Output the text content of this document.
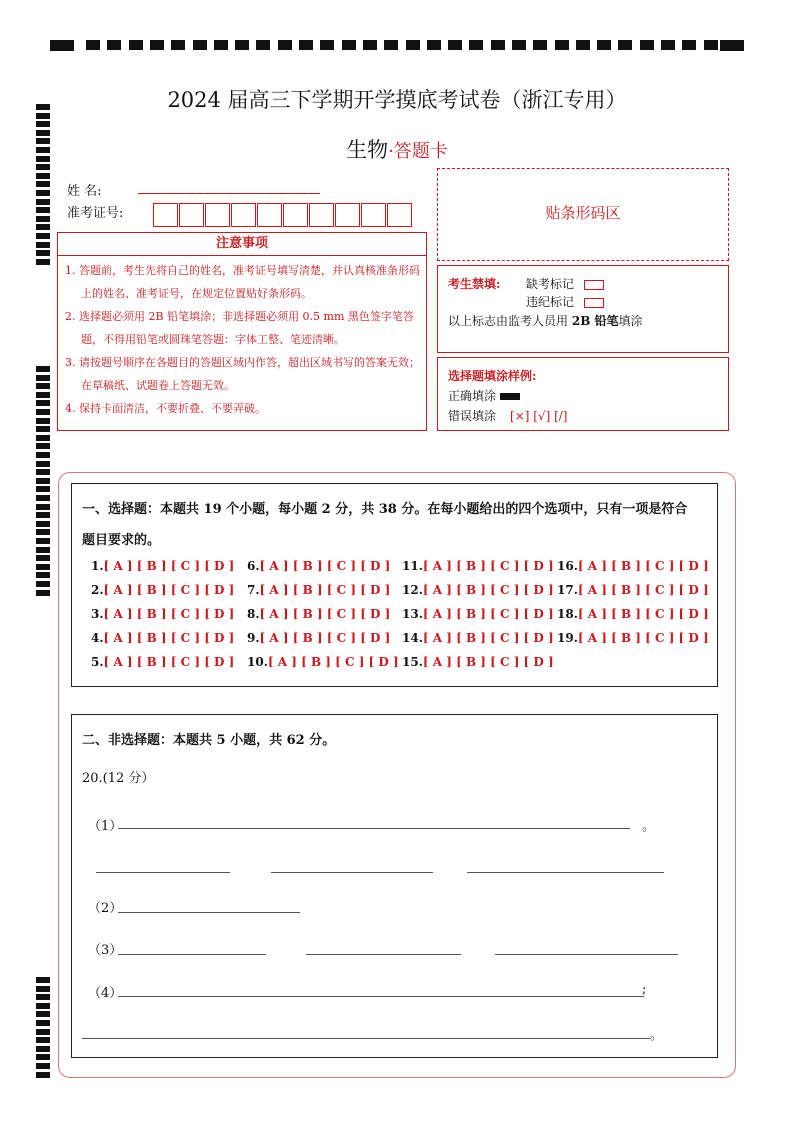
2024 届高三下学期开学摸底考试卷（浙江专用）
生物·答题卡
姓 名:
准考证号:	贴条形码区
注意事项
1. 答题前，考生先将自己的姓名，准考证号填写清楚，并认真核准条形码上的姓名、准考证号，在规定位置贴好条形码。
2. 选择题必须用 2B 铅笔填涂；非选择题必须用 0.5 mm 黑色签字笔答题，不得用铅笔或圆珠笔答题：字体工整、笔迹清晰。
3. 请按题号顺序在各题目的答题区域内作答，超出区域书写的答案无效；在草稿纸、试题卷上答题无效。
4. 保持卡面清洁，不要折叠、不要弄破。
考生禁填: 缺考标记
违纪标记
以上标志由监考人员用 2B 铅笔填涂
选择题填涂样例:
正确填涂
错误填涂 [×] [√] [/]
一、选择题：本题共 19 个小题，每小题 2 分，共 38 分。在每小题给出的四个选项中，只有一项是符合
题目要求的。
1.[ A ] [ B ] [ C ] [ D ]
2.[ A ] [ B ] [ C ] [ D ]
3.[ A ] [ B ] [ C ] [ D ]
4.[ A ] [ B ] [ C ] [ D ]
5.[ A ] [ B ] [ C ] [ D ]
6.[ A ] [ B ] [ C ] [ D ]
7.[ A ] [ B ] [ C ] [ D ]
8.[ A ] [ B ] [ C ] [ D ]
9.[ A ] [ B ] [ C ] [ D ]
10.[ A ] [ B ] [ C ] [ D ]
11.[ A ] [ B ] [ C ] [ D ]
12.[ A ] [ B ] [ C ] [ D ]
13.[ A ] [ B ] [ C ] [ D ]
14.[ A ] [ B ] [ C ] [ D ]
15.[ A ] [ B ] [ C ] [ D ]
16.[ A ] [ B ] [ C ] [ D ]
17.[ A ] [ B ] [ C ] [ D ]
18.[ A ] [ B ] [ C ] [ D ]
19.[ A ] [ B ] [ C ] [ D ]
二、非选择题：本题共 5 小题，共 62 分。
20.(12 分）
（1）	。
（2）
（3）
（4）	;
。
